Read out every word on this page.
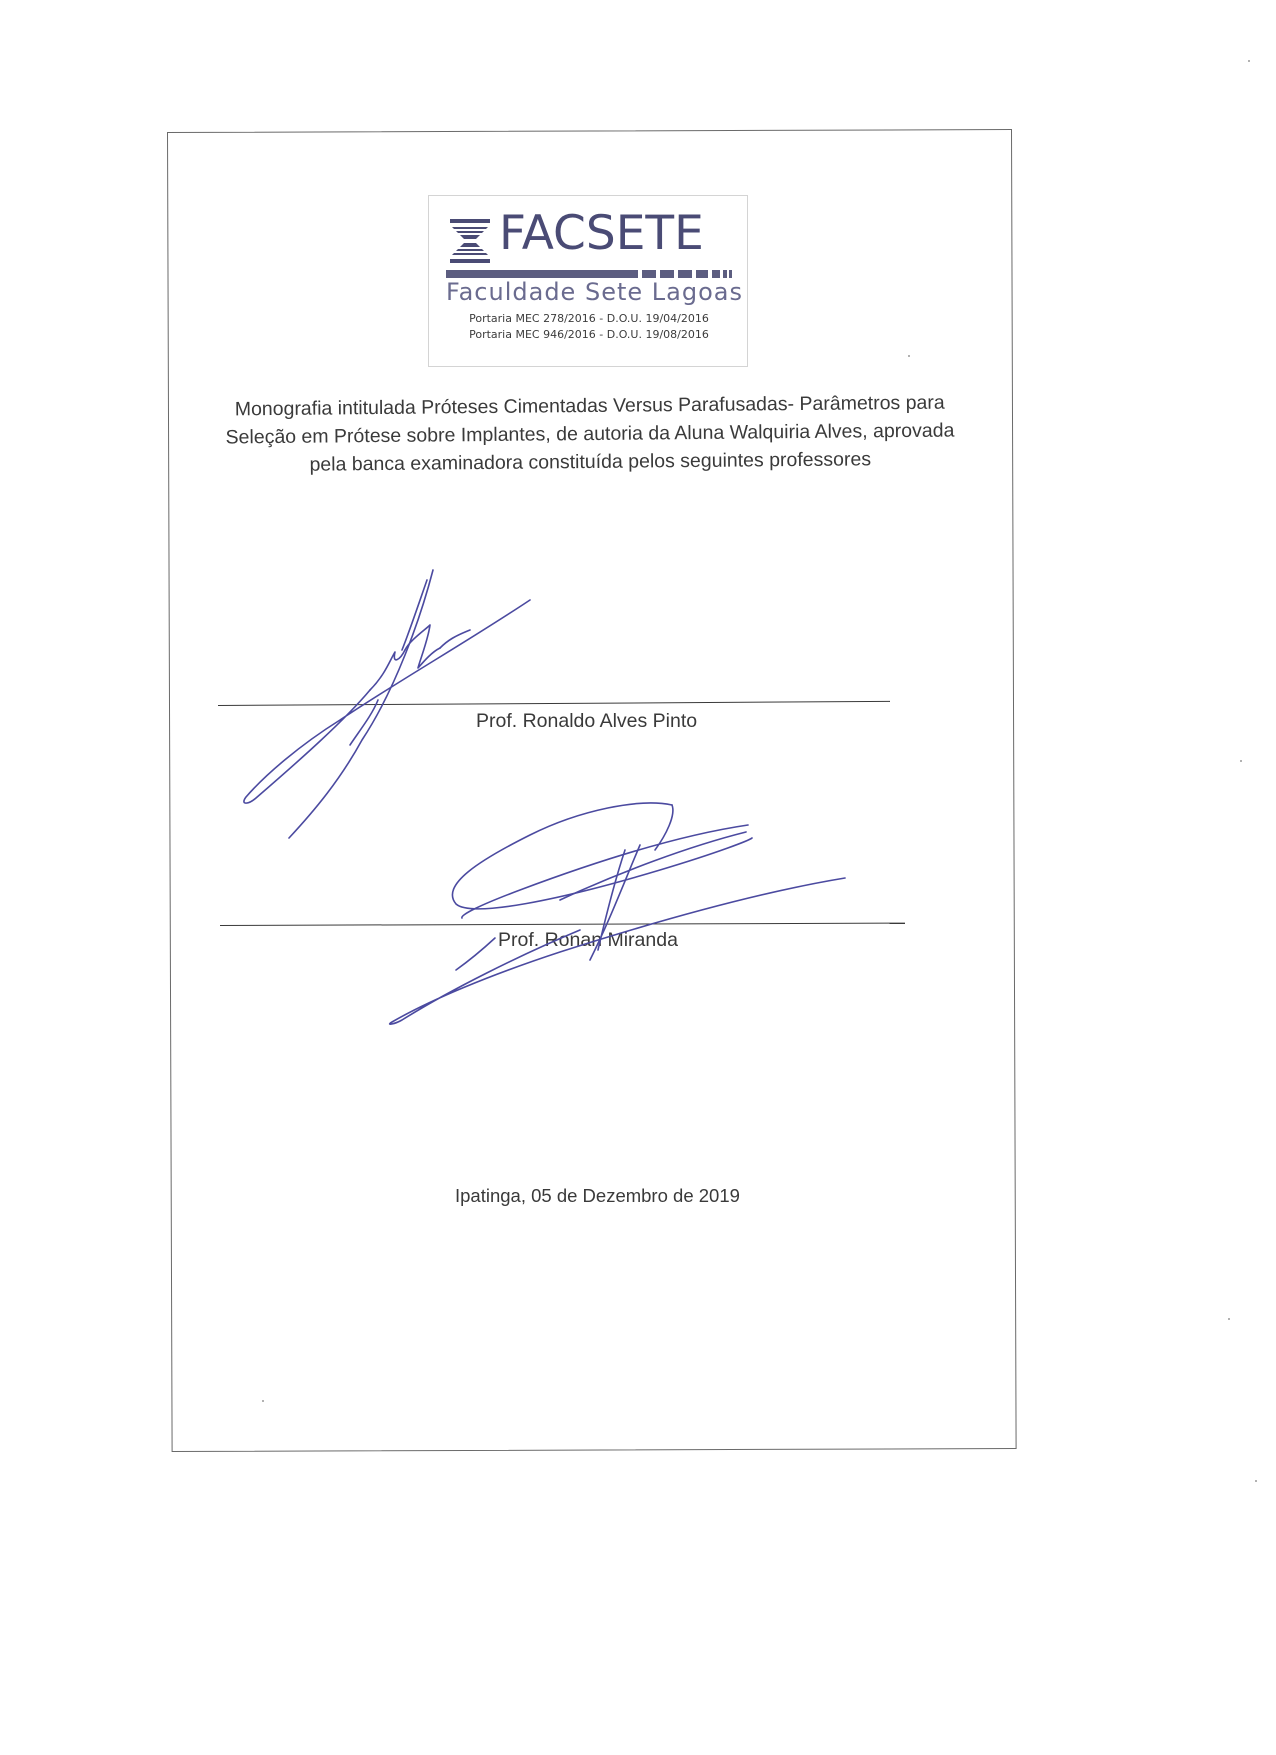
FACSETE
Faculdade Sete Lagoas
Portaria MEC 278/2016 - D.O.U. 19/04/2016
Portaria MEC 946/2016 - D.O.U. 19/08/2016
Monografia intitulada Próteses Cimentadas Versus Parafusadas- Parâmetros para
Seleção em Prótese sobre Implantes, de autoria da Aluna Walquiria Alves, aprovada
pela banca examinadora constituída pelos seguintes professores
Prof. Ronaldo Alves Pinto
Prof. Ronan Miranda
Ipatinga, 05 de Dezembro de 2019
